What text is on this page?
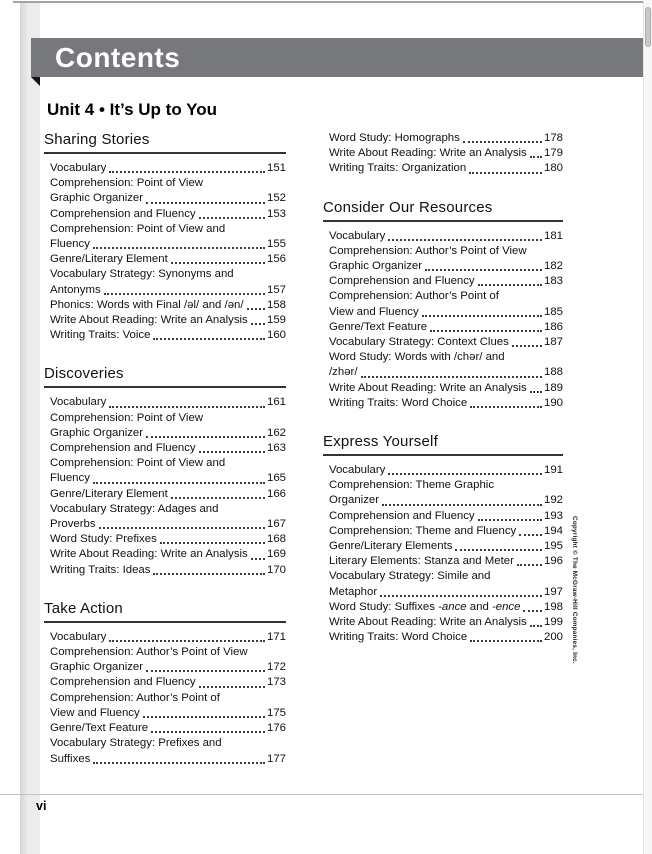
Contents
Unit 4 • It’s Up to You
Sharing Stories
Vocabulary	151
Comprehension: Point of View
Graphic Organizer	152
Comprehension and Fluency	153
Comprehension: Point of View and
Fluency	155
Genre/Literary Element	156
Vocabulary Strategy: Synonyms and
Antonyms	157
Phonics: Words with Final /əl/ and /ən/ 158
Write About Reading: Write an Analysis 159
Writing Traits: Voice	160
Discoveries
Vocabulary	161
Comprehension: Point of View
Graphic Organizer	162
Comprehension and Fluency	163
Comprehension: Point of View and
Fluency	165
Genre/Literary Element	166
Vocabulary Strategy: Adages and
Proverbs	167
Word Study: Prefixes	168
Write About Reading: Write an Analysis 169
Writing Traits: Ideas	170
Take Action
Vocabulary	171
Comprehension: Author’s Point of View
Graphic Organizer	172
Comprehension and Fluency	173
Comprehension: Author’s Point of
View and Fluency	175
Genre/Text Feature	176
Vocabulary Strategy: Prefixes and
Suffixes	177
Word Study: Homographs	178
Write About Reading: Write an Analysis 179
Writing Traits: Organization	180
Consider Our Resources
Vocabulary	181
Comprehension: Author’s Point of View
Graphic Organizer	182
Comprehension and Fluency	183
Comprehension: Author’s Point of
View and Fluency	185
Genre/Text Feature	186
Vocabulary Strategy: Context Clues	187
Word Study: Words with /chər/ and
/zhər/	188
Write About Reading: Write an Analysis 189
Writing Traits: Word Choice	190
Express Yourself
Vocabulary	191
Comprehension: Theme Graphic
Organizer	192
Comprehension and Fluency	193
Comprehension: Theme and Fluency 194
Genre/Literary Elements	195
Literary Elements: Stanza and Meter	196
Vocabulary Strategy: Simile and
Metaphor	197
Word Study: Suffixes -ance and -ence 198
Write About Reading: Write an Analysis 199
Writing Traits: Word Choice	200 Copyright © The McGraw-Hill Companies, Inc.
vi
